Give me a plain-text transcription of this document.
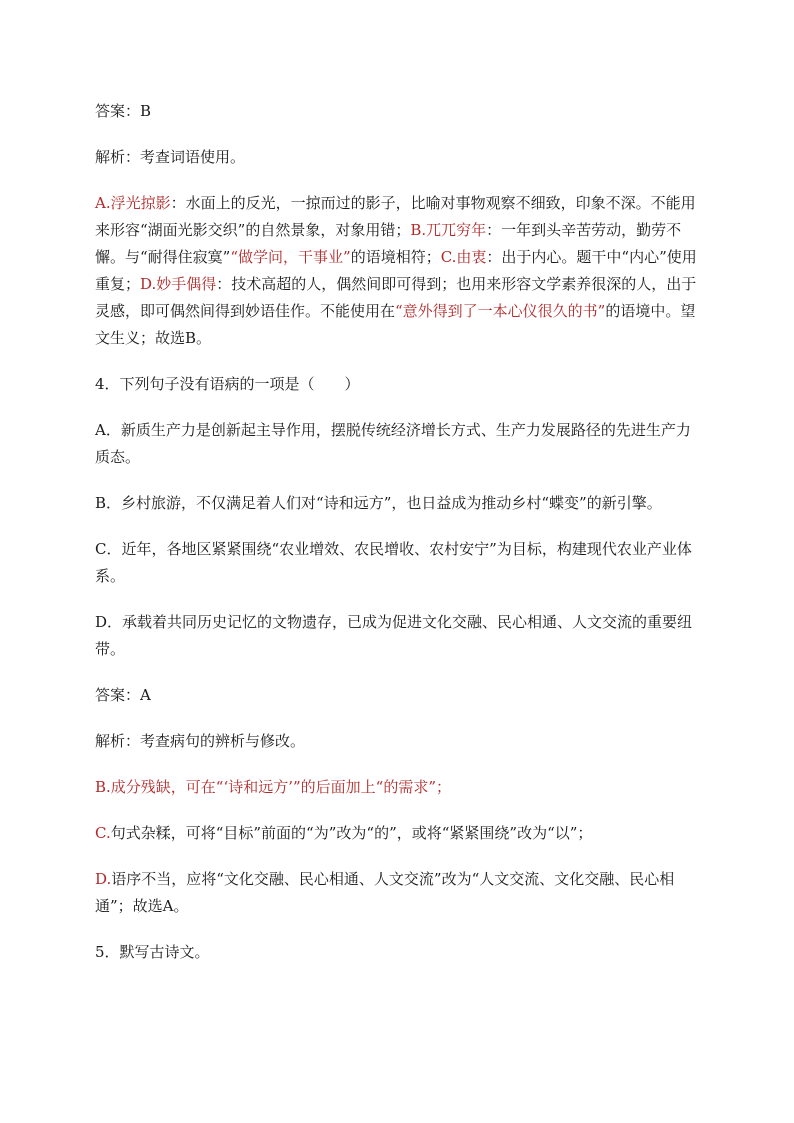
答案：B

解析：考查词语使用。

A.浮光掠影：水面上的反光，一掠而过的影子，比喻对事物观察不细致，印象不深。不能用来形容“湖面光影交织”的自然景象，对象用错；B.兀兀穷年：一年到头辛苦劳动，勤劳不懈。与“耐得住寂寞”“做学问，干事业”的语境相符；C.由衷：出于内心。题干中“内心”使用重复；D.妙手偶得：技术高超的人，偶然间即可得到；也用来形容文学素养很深的人，出于灵感，即可偶然间得到妙语佳作。不能使用在“意外得到了一本心仪很久的书”的语境中。望文生义；故选B。

4．下列句子没有语病的一项是（　　）

A．新质生产力是创新起主导作用，摆脱传统经济增长方式、生产力发展路径的先进生产力质态。

B．乡村旅游，不仅满足着人们对“诗和远方”，也日益成为推动乡村“蝶变”的新引擎。

C．近年，各地区紧紧围绕“农业增效、农民增收、农村安宁”为目标，构建现代农业产业体系。

D．承载着共同历史记忆的文物遗存，已成为促进文化交融、民心相通、人文交流的重要纽带。

答案：A

解析：考查病句的辨析与修改。

B.成分残缺，可在“‘诗和远方’”的后面加上“的需求”；

C.句式杂糅，可将“目标”前面的“为”改为“的”，或将“紧紧围绕”改为“以”；

D.语序不当，应将“文化交融、民心相通、人文交流”改为“人文交流、文化交融、民心相通”；故选A。

5．默写古诗文。
